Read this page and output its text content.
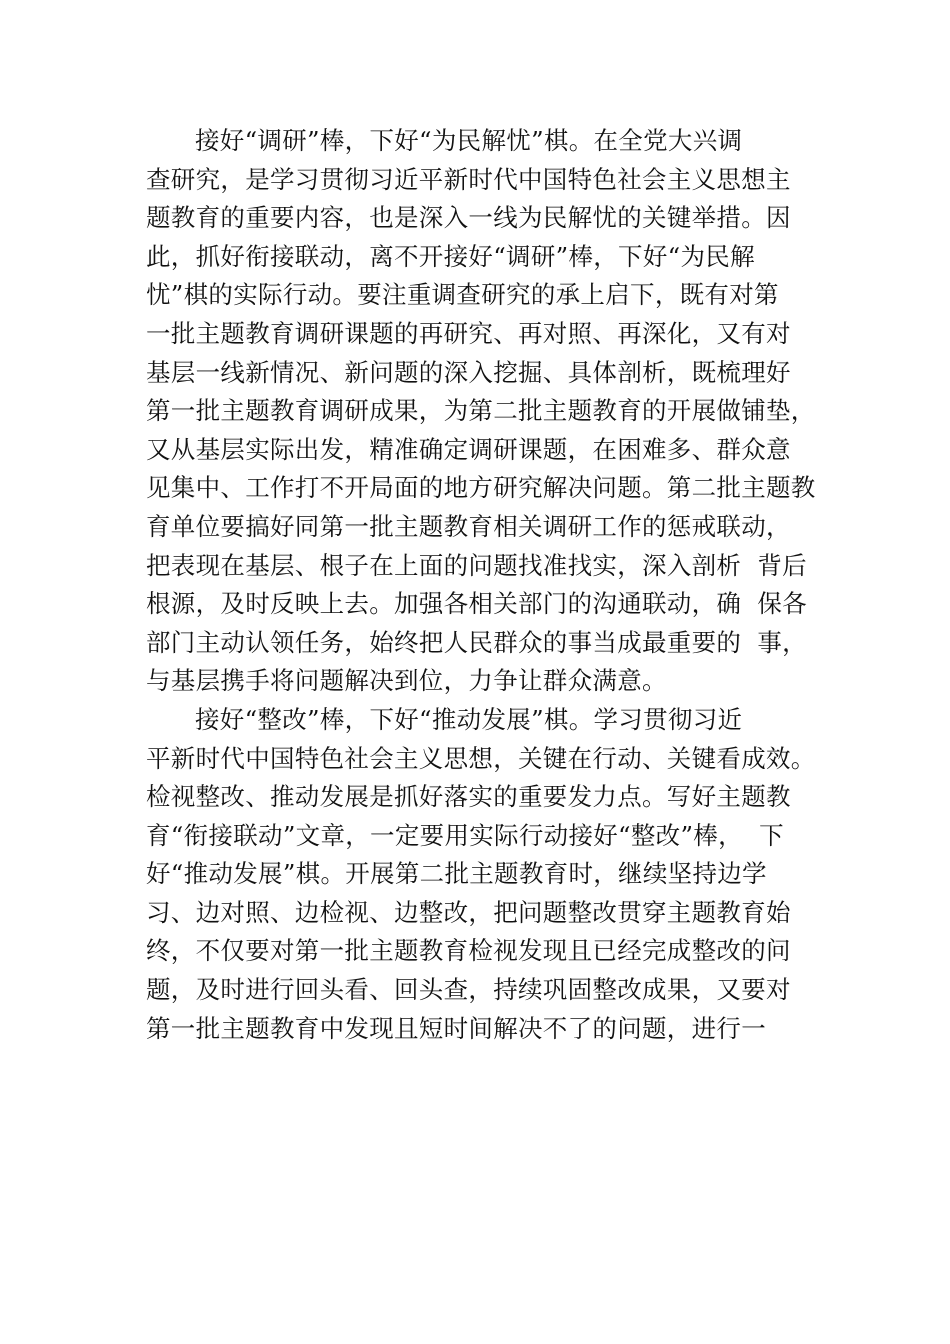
接好“调研”棒，下好“为民解忧”棋。在全党大兴调
查研究，是学习贯彻习近平新时代中国特色社会主义思想主
题教育的重要内容，也是深入一线为民解忧的关键举措。因
此，抓好衔接联动，离不开接好“调研”棒，下好“为民解
忧”棋的实际行动。要注重调查研究的承上启下，既有对第
一批主题教育调研课题的再研究、再对照、再深化，又有对
基层一线新情况、新问题的深入挖掘、具体剖析，既梳理好
第一批主题教育调研成果，为第二批主题教育的开展做铺垫，
又从基层实际出发，精准确定调研课题，在困难多、群众意
见集中、工作打不开局面的地方研究解决问题。第二批主题教
育单位要搞好同第一批主题教育相关调研工作的惩戒联动，
把表现在基层、根子在上面的问题找准找实，深入剖析  背后
根源，及时反映上去。加强各相关部门的沟通联动，确  保各
部门主动认领任务，始终把人民群众的事当成最重要的  事，
与基层携手将问题解决到位，力争让群众满意。
接好“整改”棒，下好“推动发展”棋。学习贯彻习近
平新时代中国特色社会主义思想，关键在行动、关键看成效。
检视整改、推动发展是抓好落实的重要发力点。写好主题教
育“衔接联动”文章，一定要用实际行动接好“整改”棒，  下
好“推动发展”棋。开展第二批主题教育时，继续坚持边学
习、边对照、边检视、边整改，把问题整改贯穿主题教育始
终，不仅要对第一批主题教育检视发现且已经完成整改的问
题，及时进行回头看、回头查，持续巩固整改成果，又要对
第一批主题教育中发现且短时间解决不了的问题，进行一
